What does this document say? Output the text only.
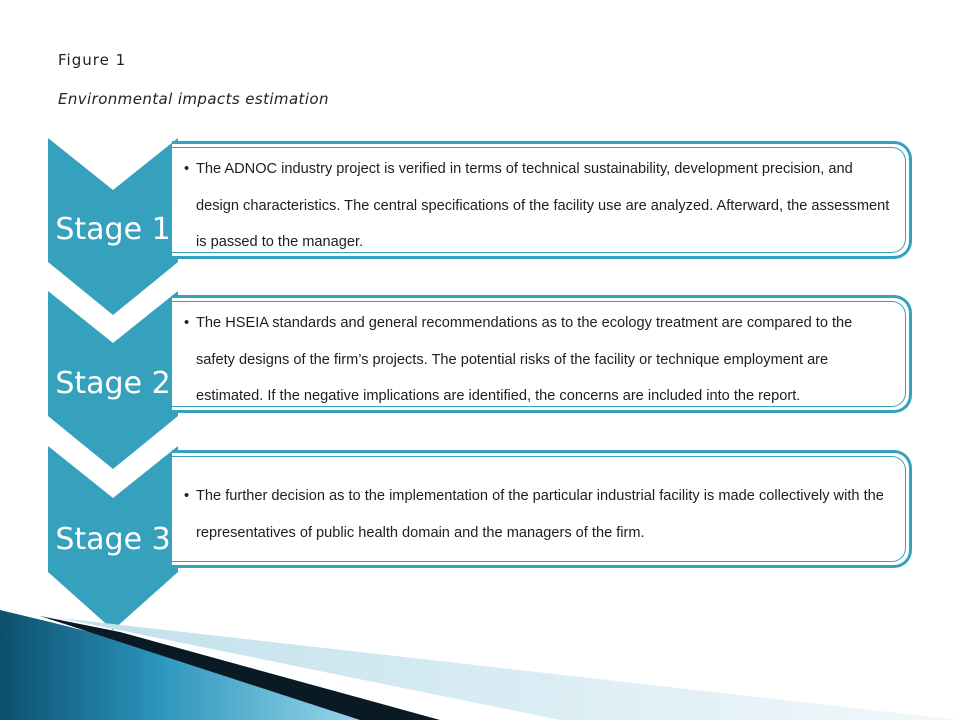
Figure 1
Environmental impacts estimation
Stage 1
Stage 2
Stage 3
• The ADNOC industry project is verified in terms of technical sustainability, development precision, and design characteristics. The central specifications of the facility use are analyzed. Afterward, the assessment is passed to the manager.
• The HSEIA standards and general recommendations as to the ecology treatment are compared to the safety designs of the firm’s projects. The potential risks of the facility or technique employment are estimated. If the negative implications are identified, the concerns are included into the report.
• The further decision as to the implementation of the particular industrial facility is made collectively with the representatives of public health domain and the managers of the firm.
